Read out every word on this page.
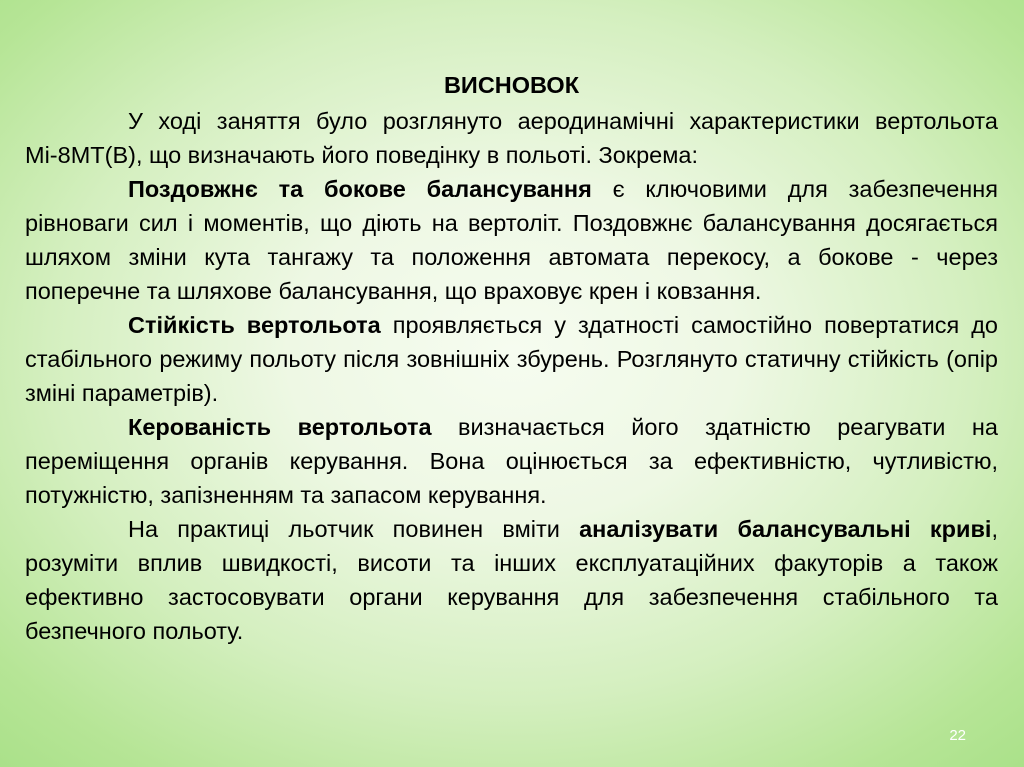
ВИСНОВОК

У ході заняття було розглянуто аеродинамічні характеристики вертольота Мі-8МТ(В), що визначають його поведінку в польоті. Зокрема:

Поздовжнє та бокове балансування є ключовими для забезпечення рівноваги сил і моментів, що діють на вертоліт. Поздовжнє балансування досягається шляхом зміни кута тангажу та положення автомата перекосу, а бокове - через поперечне та шляхове балансування, що враховує крен і ковзання.

Стійкість вертольота проявляється у здатності самостійно повертатися до стабільного режиму польоту після зовнішніх збурень. Розглянуто статичну стійкість (опір зміні параметрів).

Керованість вертольота визначається його здатністю реагувати на переміщення органів керування. Вона оцінюється за ефективністю, чутливістю, потужністю, запізненням та запасом керування.

На практиці льотчик повинен вміти аналізувати балансувальні криві, розуміти вплив швидкості, висоти та інших експлуатаційних факуторів а також ефективно застосовувати органи керування для забезпечення стабільного та безпечного польоту.

22
